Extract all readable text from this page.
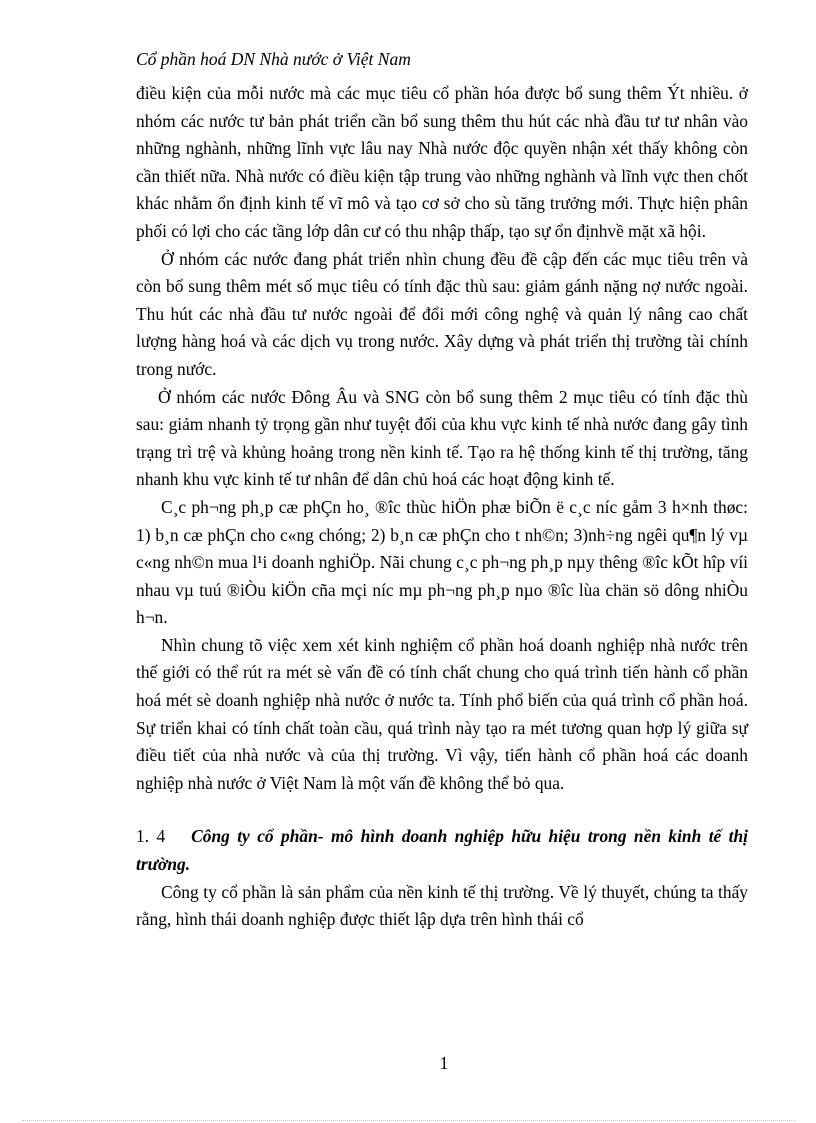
Cổ phần hoá DN Nhà nước ở Việt Nam

điều kiện của mỗi nước mà các mục tiêu cổ phần hóa được bổ sung thêm Ýt nhiều. ở nhóm các nước tư bản phát triển cần bổ sung thêm thu hút các nhà đầu tư tư nhân vào những nghành, những lĩnh vực lâu nay Nhà nước độc quyền nhận xét thấy không còn cần thiết nữa. Nhà nước có điều kiện tập trung vào những nghành và lĩnh vực then chốt khác nhằm ổn định kinh tế vĩ mô và tạo cơ sở cho sù tăng trưởng mới. Thực hiện phân phối có lợi cho các tầng lớp dân cư có thu nhập thấp, tạo sự ổn địnhvề mặt xã hội.

Ở nhóm các nước đang phát triển nhìn chung đều đề cập đến các mục tiêu trên và còn bổ sung thêm mét số mục tiêu có tính đặc thù sau: giảm gánh nặng nợ nước ngoài. Thu hút các nhà đầu tư nước ngoài để đổi mới công nghệ và quản lý nâng cao chất lượng hàng hoá và các dịch vụ trong nước. Xây dựng và phát triển thị trường tài chính trong nước.

Ở nhóm các nước Đông Âu và SNG còn bổ sung thêm 2 mục tiêu có tính đặc thù sau: giảm nhanh tỷ trọng gần như tuyệt đối của khu vực kinh tế nhà nước đang gây tình trạng trì trệ và khủng hoảng trong nền kinh tế. Tạo ra hệ thống kinh tế thị trường, tăng nhanh khu vực kinh tế tư nhân để dân chủ hoá các hoạt động kinh tế.

C¸c ph¬ng ph¸p cæ phÇn ho¸ ®îc thùc hiÖn phæ biÕn ë c¸c níc gåm 3 h×nh thøc: 1) b¸n cæ phÇn cho c«ng chóng; 2) b¸n cæ phÇn cho t nh©n; 3)nh÷ng ngêi qu¶n lý vµ c«ng nh©n mua l¹i doanh nghiÖp. Nãi chung c¸c ph¬ng ph¸p nµy thêng ®îc kÕt hîp víi nhau vµ tuú ®iÒu kiÖn cña mçi níc mµ ph¬ng ph¸p nµo ®îc lùa chän sö dông nhiÒu h¬n.

Nhìn chung tõ việc xem xét kinh nghiệm cổ phần hoá doanh nghiệp nhà nước trên thế giới có thể rút ra mét sè vấn đề có tính chất chung cho quá trình tiến hành cổ phần hoá mét sè doanh nghiệp nhà nước ở nước ta. Tính phổ biến của quá trình cổ phần hoá. Sự triển khai có tính chất toàn cầu, quá trình này tạo ra mét tương quan hợp lý giữa sự điều tiết của nhà nước và của thị trường. Vì vậy, tiến hành cổ phần hoá các doanh nghiệp nhà nước ở Việt Nam là một vấn đề không thể bỏ qua.

1. 4 Công ty cổ phần- mô hình doanh nghiệp hữu hiệu trong nền kinh tế thị trường.

Công ty cổ phần là sản phẩm của nền kinh tế thị trường. Về lý thuyết, chúng ta thấy rằng, hình thái doanh nghiệp được thiết lập dựa trên hình thái cổ

1
